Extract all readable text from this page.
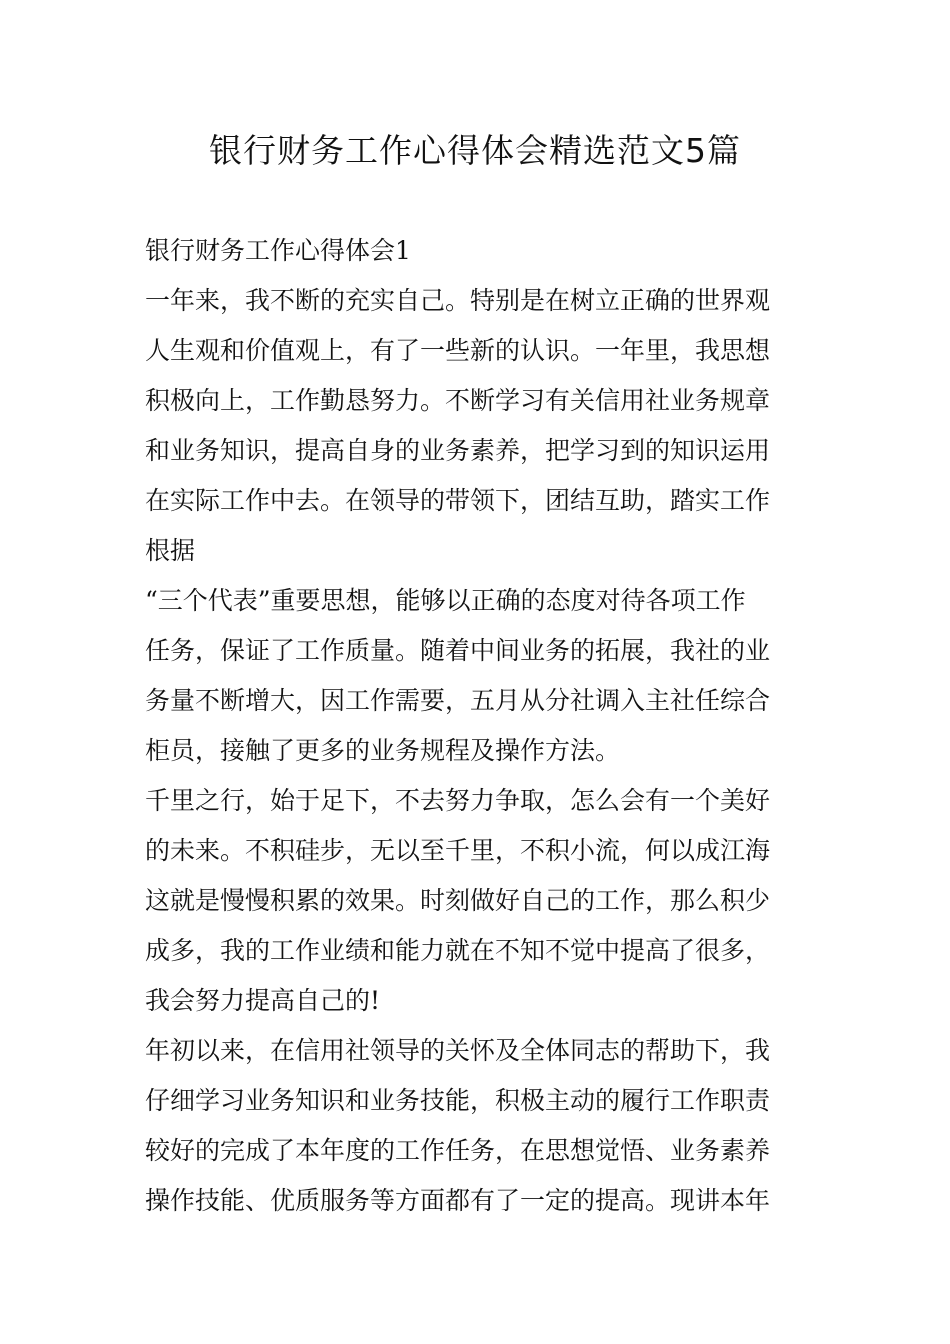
银行财务工作心得体会精选范文5篇
银行财务工作心得体会1
一年来，我不断的充实自己。特别是在树立正确的世界观
人生观和价值观上，有了一些新的认识。一年里，我思想
积极向上，工作勤恳努力。不断学习有关信用社业务规章
和业务知识，提高自身的业务素养，把学习到的知识运用
在实际工作中去。在领导的带领下，团结互助，踏实工作
根据
“三个代表”重要思想，能够以正确的态度对待各项工作
任务，保证了工作质量。随着中间业务的拓展，我社的业
务量不断增大，因工作需要，五月从分社调入主社任综合
柜员，接触了更多的业务规程及操作方法。
千里之行，始于足下，不去努力争取，怎么会有一个美好
的未来。不积硅步，无以至千里，不积小流，何以成江海
这就是慢慢积累的效果。时刻做好自己的工作，那么积少
成多，我的工作业绩和能力就在不知不觉中提高了很多，
我会努力提高自己的!
年初以来，在信用社领导的关怀及全体同志的帮助下，我
仔细学习业务知识和业务技能，积极主动的履行工作职责
较好的完成了本年度的工作任务，在思想觉悟、业务素养
操作技能、优质服务等方面都有了一定的提高。现讲本年
